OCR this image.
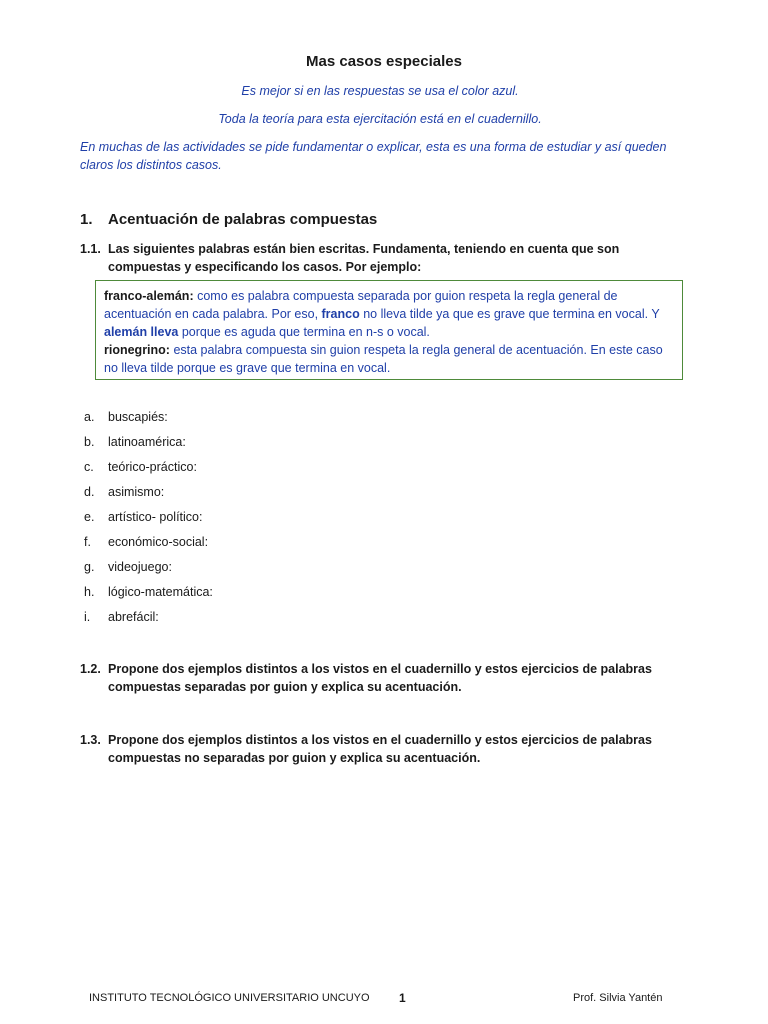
Mas casos especiales
Es mejor si en las respuestas se usa el color azul.
Toda la teoría para esta ejercitación está en el cuadernillo.
En muchas de las actividades se pide fundamentar o explicar, esta es una forma de estudiar y así queden claros los distintos casos.
1. Acentuación de palabras compuestas
1.1. Las siguientes palabras están bien escritas. Fundamenta, teniendo en cuenta que son compuestas y especificando los casos. Por ejemplo:
franco-alemán: como es palabra compuesta separada por guion respeta la regla general de acentuación en cada palabra. Por eso, franco no lleva tilde ya que es grave que termina en vocal. Y alemán lleva porque es aguda que termina en n-s o vocal.
rionegrino: esta palabra compuesta sin guion respeta la regla general de acentuación. En este caso no lleva tilde porque es grave que termina en vocal.
a. buscapiés:
b. latinoamérica:
c. teórico-práctico:
d. asimismo:
e. artístico- político:
f. económico-social:
g. videojuego:
h. lógico-matemática:
i. abrefácil:
1.2. Propone dos ejemplos distintos a los vistos en el cuadernillo y estos ejercicios de palabras compuestas separadas por guion y explica su acentuación.
1.3. Propone dos ejemplos distintos a los vistos en el cuadernillo y estos ejercicios de palabras compuestas no separadas por guion y explica su acentuación.
INSTITUTO TECNOLÓGICO UNIVERSITARIO UNCUYO 1	Prof. Silvia Yantén
